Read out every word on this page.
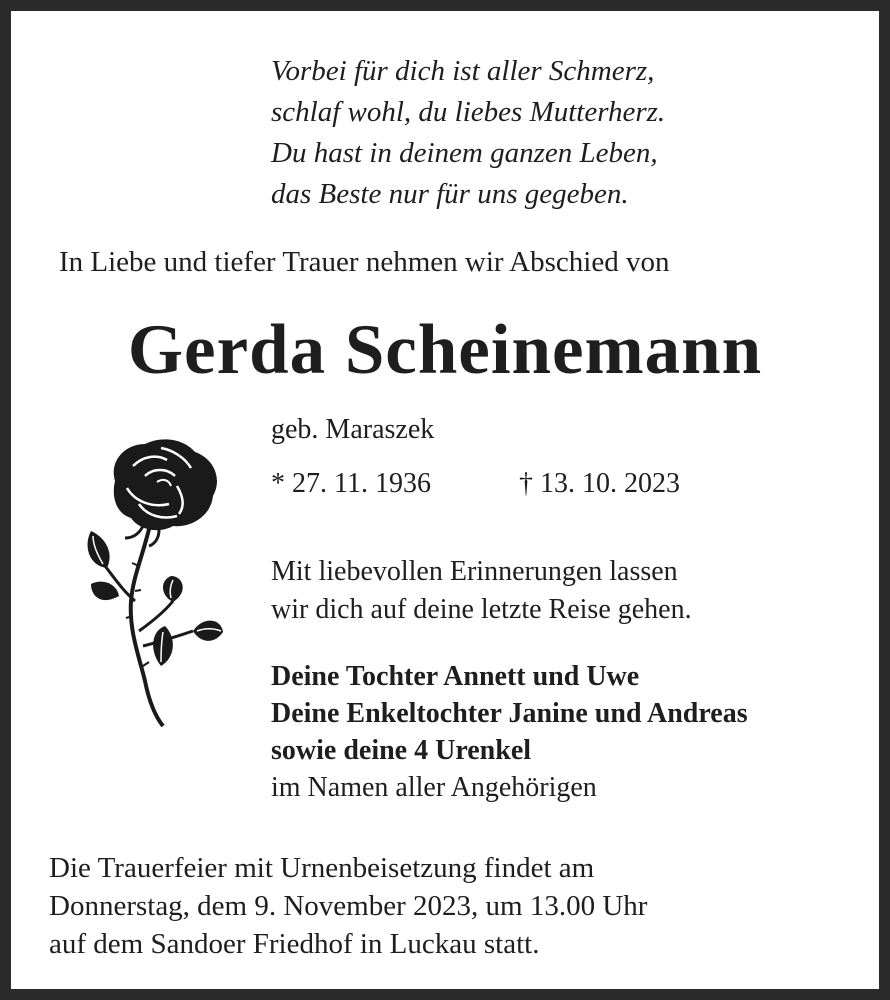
Vorbei für dich ist aller Schmerz,
schlaf wohl, du liebes Mutterherz.
Du hast in deinem ganzen Leben,
das Beste nur für uns gegeben.
In Liebe und tiefer Trauer nehmen wir Abschied von
Gerda Scheinemann
geb. Maraszek
* 27. 11. 1936	† 13. 10. 2023
Mit liebevollen Erinnerungen lassen
wir dich auf deine letzte Reise gehen.
Deine Tochter Annett und Uwe
Deine Enkeltochter Janine und Andreas
sowie deine 4 Urenkel
im Namen aller Angehörigen
Die Trauerfeier mit Urnenbeisetzung findet am
Donnerstag, dem 9. November 2023, um 13.00 Uhr
auf dem Sandoer Friedhof in Luckau statt.
